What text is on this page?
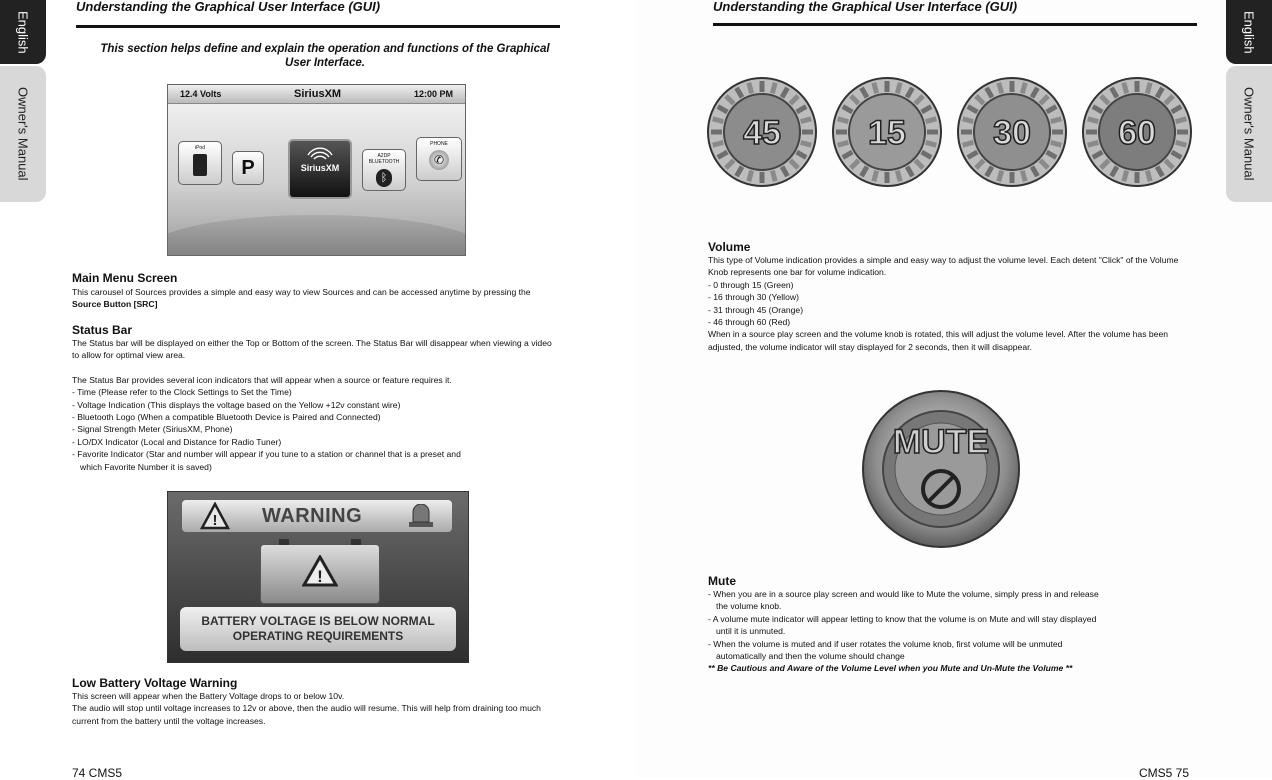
English
Owner's Manual
Understanding the Graphical User Interface (GUI)
This section helps define and explain the operation and functions of the Graphical User Interface.
12.4 Volts	SiriusXM	12:00 PM
iPod
P	SiriusXM
A2DP BLUETOOTH
ᛒ
PHONE
✆
Main Menu Screen
This carousel of Sources provides a simple and easy way to view Sources and can be accessed anytime by pressing the Source Button [SRC]
Status Bar

The Status bar will be displayed on either the Top or Bottom of the screen. The Status Bar will disappear when viewing a video to allow for optimal view area.

The Status Bar provides several icon indicators that will appear when a source or feature requires it.

- Time (Please refer to the Clock Settings to Set the Time)

- Voltage Indication (This displays the voltage based on the Yellow +12v constant wire)

- Bluetooth Logo (When a compatible Bluetooth Device is Paired and Connected)

- Signal Strength Meter (SiriusXM, Phone)

- LO/DX Indicator (Local and Distance for Radio Tuner)

- Favorite Indicator (Star and number will appear if you tune to a station or channel that is a preset and

which Favorite Number it is saved)

! WARNING
!
BATTERY VOLTAGE IS BELOW NORMAL
OPERATING REQUIREMENTS
Low Battery Voltage Warning

This screen will appear when the Battery Voltage drops to or below 10v.

The audio will stop until voltage increases to 12v or above, then the audio will resume. This will help from draining too much current from the battery until the voltage increases.

74 CMS5
English
Owner's Manual
Understanding the Graphical User Interface (GUI)
45	15	30	60
Volume

This type of Volume indication provides a simple and easy way to adjust the volume level. Each detent "Click" of the Volume Knob represents one bar for volume indication.

- 0 through 15 (Green)

- 16 through 30 (Yellow)

- 31 through 45 (Orange)

- 46 through 60 (Red)

When in a source play screen and the volume knob is rotated, this will adjust the volume level. After the volume has been adjusted, the volume indicator will stay displayed for 2 seconds, then it will disappear.

MUTE
Mute

- When you are in a source play screen and would like to Mute the volume, simply press in and release

the volume knob.

- A volume mute indicator will appear letting to know that the volume is on Mute and will stay displayed

until it is unmuted.

- When the volume is muted and if user rotates the volume knob, first volume will be unmuted

automatically and then the volume should change

** Be Cautious and Aware of the Volume Level when you Mute and Un-Mute the Volume **

CMS5 75
